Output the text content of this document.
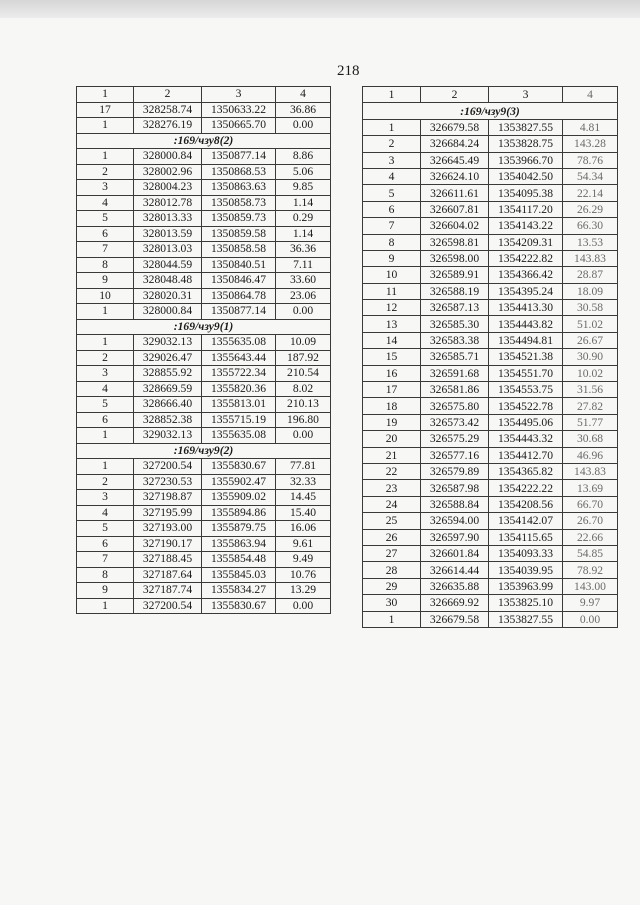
218
1	2	3	4
17	328258.74	1350633.22	36.86
1	328276.19	1350665.70	0.00
:169/чзу8(2)			
1	328000.84	1350877.14	8.86
2	328002.96	1350868.53	5.06
3	328004.23	1350863.63	9.85
4	328012.78	1350858.73	1.14
5	328013.33	1350859.73	0.29
6	328013.59	1350859.58	1.14
7	328013.03	1350858.58	36.36
8	328044.59	1350840.51	7.11
9	328048.48	1350846.47	33.60
10	328020.31	1350864.78	23.06
1	328000.84	1350877.14	0.00
:169/чзу9(1)			
1	329032.13	1355635.08	10.09
2	329026.47	1355643.44	187.92
3	328855.92	1355722.34	210.54
4	328669.59	1355820.36	8.02
5	328666.40	1355813.01	210.13
6	328852.38	1355715.19	196.80
1	329032.13	1355635.08	0.00
:169/чзу9(2)			
1	327200.54	1355830.67	77.81
2	327230.53	1355902.47	32.33
3	327198.87	1355909.02	14.45
4	327195.99	1355894.86	15.40
5	327193.00	1355879.75	16.06
6	327190.17	1355863.94	9.61
7	327188.45	1355854.48	9.49
8	327187.64	1355845.03	10.76
9	327187.74	1355834.27	13.29
1	327200.54	1355830.67	0.00
1	2	3	4
:169/чзу9(3)			
1	326679.58	1353827.55	4.81
2	326684.24	1353828.75	143.28
3	326645.49	1353966.70	78.76
4	326624.10	1354042.50	54.34
5	326611.61	1354095.38	22.14
6	326607.81	1354117.20	26.29
7	326604.02	1354143.22	66.30
8	326598.81	1354209.31	13.53
9	326598.00	1354222.82	143.83
10	326589.91	1354366.42	28.87
11	326588.19	1354395.24	18.09
12	326587.13	1354413.30	30.58
13	326585.30	1354443.82	51.02
14	326583.38	1354494.81	26.67
15	326585.71	1354521.38	30.90
16	326591.68	1354551.70	10.02
17	326581.86	1354553.75	31.56
18	326575.80	1354522.78	27.82
19	326573.42	1354495.06	51.77
20	326575.29	1354443.32	30.68
21	326577.16	1354412.70	46.96
22	326579.89	1354365.82	143.83
23	326587.98	1354222.22	13.69
24	326588.84	1354208.56	66.70
25	326594.00	1354142.07	26.70
26	326597.90	1354115.65	22.66
27	326601.84	1354093.33	54.85
28	326614.44	1354039.95	78.92
29	326635.88	1353963.99	143.00
30	326669.92	1353825.10	9.97
1	326679.58	1353827.55	0.00
